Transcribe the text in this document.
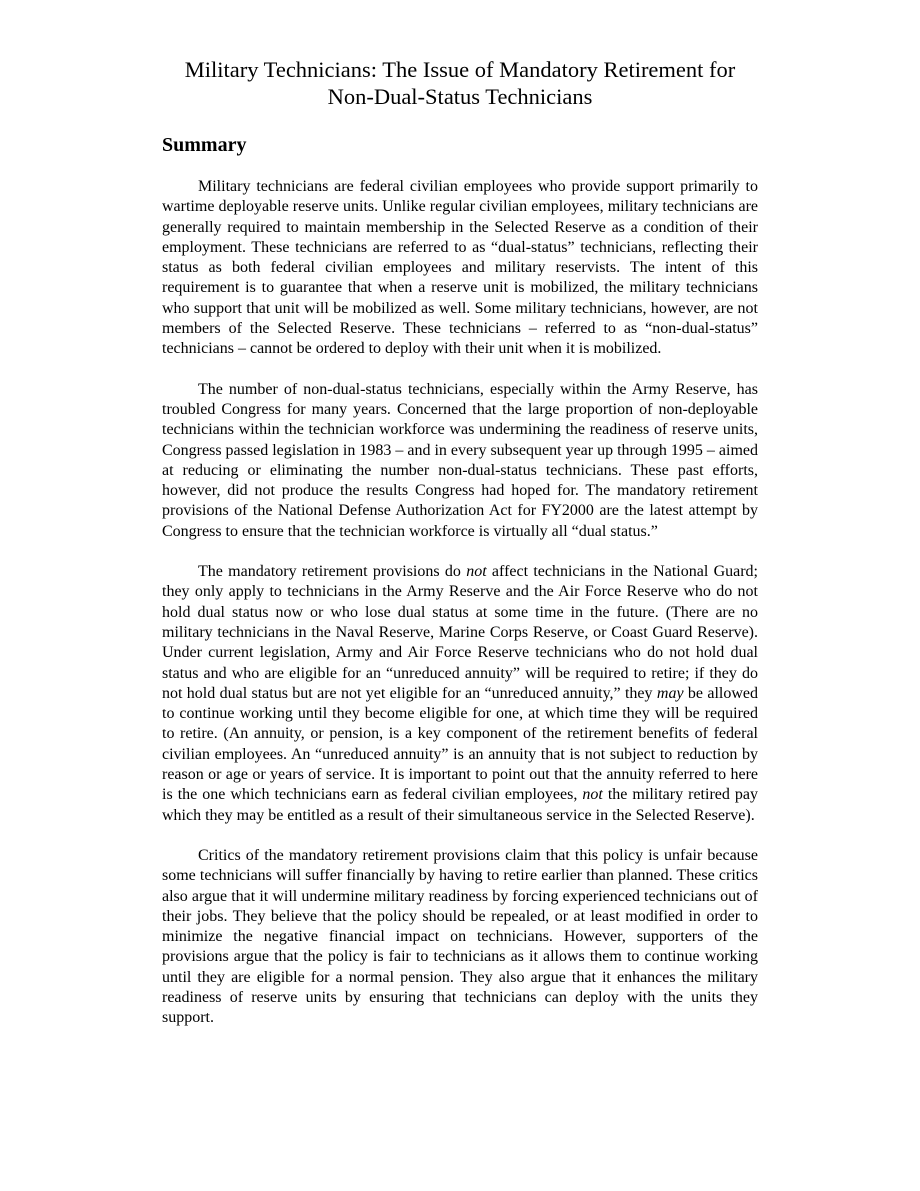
Military Technicians: The Issue of Mandatory Retirement for
Non-Dual-Status Technicians
Summary

Military technicians are federal civilian employees who provide support primarily to wartime deployable reserve units. Unlike regular civilian employees, military technicians are generally required to maintain membership in the Selected Reserve as a condition of their employment. These technicians are referred to as “dual-status” technicians, reflecting their status as both federal civilian employees and military reservists. The intent of this requirement is to guarantee that when a reserve unit is mobilized, the military technicians who support that unit will be mobilized as well. Some military technicians, however, are not members of the Selected Reserve. These technicians – referred to as “non-dual-status” technicians – cannot be ordered to deploy with their unit when it is mobilized.

The number of non-dual-status technicians, especially within the Army Reserve, has troubled Congress for many years. Concerned that the large proportion of non-deployable technicians within the technician workforce was undermining the readiness of reserve units, Congress passed legislation in 1983 – and in every subsequent year up through 1995 – aimed at reducing or eliminating the number non-dual-status technicians. These past efforts, however, did not produce the results Congress had hoped for. The mandatory retirement provisions of the National Defense Authorization Act for FY2000 are the latest attempt by Congress to ensure that the technician workforce is virtually all “dual status.”

The mandatory retirement provisions do not affect technicians in the National Guard; they only apply to technicians in the Army Reserve and the Air Force Reserve who do not hold dual status now or who lose dual status at some time in the future. (There are no military technicians in the Naval Reserve, Marine Corps Reserve, or Coast Guard Reserve). Under current legislation, Army and Air Force Reserve technicians who do not hold dual status and who are eligible for an “unreduced annuity” will be required to retire; if they do not hold dual status but are not yet eligible for an “unreduced annuity,” they may be allowed to continue working until they become eligible for one, at which time they will be required to retire. (An annuity, or pension, is a key component of the retirement benefits of federal civilian employees. An “unreduced annuity” is an annuity that is not subject to reduction by reason or age or years of service. It is important to point out that the annuity referred to here is the one which technicians earn as federal civilian employees, not the military retired pay which they may be entitled as a result of their simultaneous service in the Selected Reserve).

Critics of the mandatory retirement provisions claim that this policy is unfair because some technicians will suffer financially by having to retire earlier than planned. These critics also argue that it will undermine military readiness by forcing experienced technicians out of their jobs. They believe that the policy should be repealed, or at least modified in order to minimize the negative financial impact on technicians. However, supporters of the provisions argue that the policy is fair to technicians as it allows them to continue working until they are eligible for a normal pension. They also argue that it enhances the military readiness of reserve units by ensuring that technicians can deploy with the units they support.
